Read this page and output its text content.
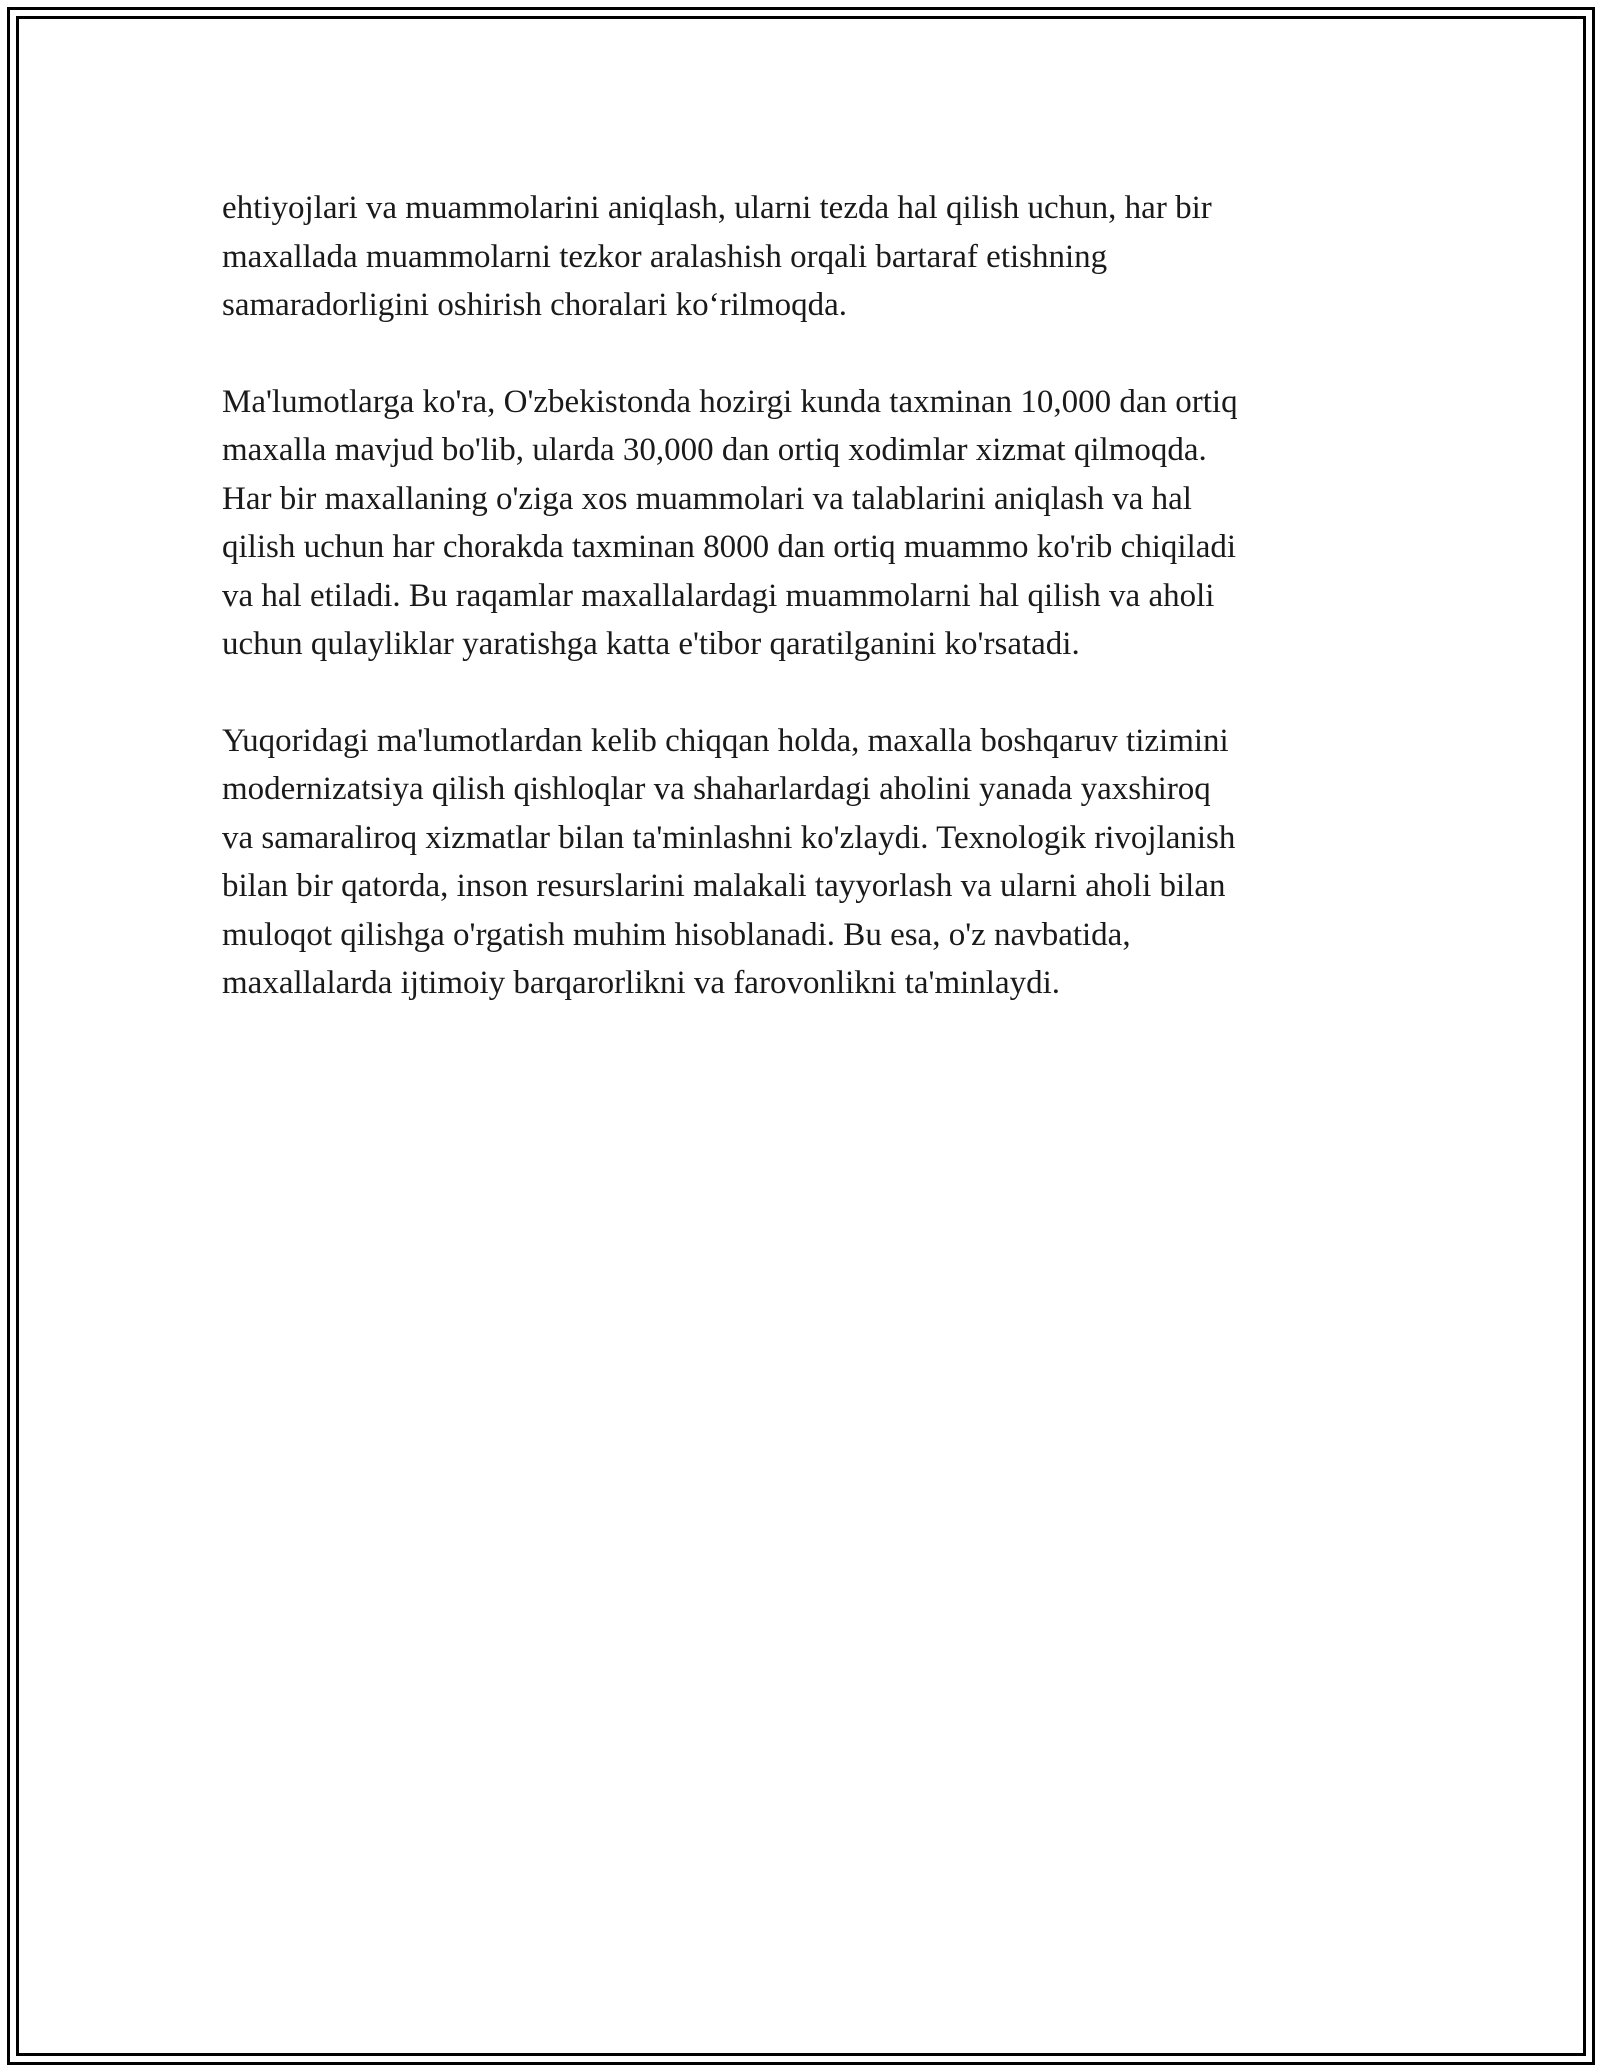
ehtiyojlari va muammolarini aniqlash, ularni tezda hal qilish uchun, har bir
maxallada muammolarni tezkor aralashish orqali bartaraf etishning
samaradorligini oshirish choralari ko‘rilmoqda.

Ma'lumotlarga ko'ra, O'zbekistonda hozirgi kunda taxminan 10,000 dan ortiq
maxalla mavjud bo'lib, ularda 30,000 dan ortiq xodimlar xizmat qilmoqda.
Har bir maxallaning o'ziga xos muammolari va talablarini aniqlash va hal
qilish uchun har chorakda taxminan 8000 dan ortiq muammo ko'rib chiqiladi
va hal etiladi. Bu raqamlar maxallalardagi muammolarni hal qilish va aholi
uchun qulayliklar yaratishga katta e'tibor qaratilganini ko'rsatadi.

Yuqoridagi ma'lumotlardan kelib chiqqan holda, maxalla boshqaruv tizimini
modernizatsiya qilish qishloqlar va shaharlardagi aholini yanada yaxshiroq
va samaraliroq xizmatlar bilan ta'minlashni ko'zlaydi. Texnologik rivojlanish
bilan bir qatorda, inson resurslarini malakali tayyorlash va ularni aholi bilan
muloqot qilishga o'rgatish muhim hisoblanadi. Bu esa, o'z navbatida,
maxallalarda ijtimoiy barqarorlikni va farovonlikni ta'minlaydi.
